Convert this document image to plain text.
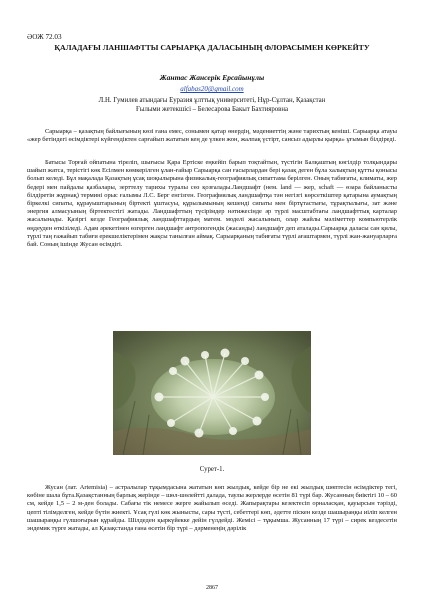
ӘОЖ 72.03
ҚАЛАДАҒЫ ЛАНШАФТТЫ САРЫАРҚА ДАЛАСЫНЫҢ ФЛОРАСЫМЕН КӨРКЕЙТУ
Жантас Жансерік Ерсайынұлы
alfabas20@gmail.com
Л.Н. Гумилев атындағы Еуразия ұлттық университеті, Нұр-Сұлтан, Қазақстан
Ғылыми жетекшісі – Белесарова Бакыт Бахтияровна

Сарыарқа – қазақтың байлығының көзі ғана емес, сонымен қатар өнердің, мәдениеттің және тарихтың кеніші. Сарыарқа атауы «жер бетіндегі өсімдіктері күйгендіктен сарғайып жататын кең де үлкен жон, жалпақ үстірт, сансыз адырлы қырқа» ұғымын білдіреді.

Батысы Торғай ойпатына тіреліп, шығысы Қара Ертіске еңкейіп барып тоқтайтын, түстігін Балқаштың көгілдір толқындары шайып жатса, терістігі көк Есілмен көмкерілген ұлан-ғайыр Сарыарқа сан ғасырлардан бері қазақ деген бұла халықтың құтты қонысы болып келеді. Бұл мақалада Қазақтың ұсақ шоқылырына физикалық-географиялық сипаттама берілген. Оның табиғаты, климаты, жер бедері мен пайдалы қазбалары, зерттелу тарихы туралы сөз қозғалады.Ландшафт (нем. land — жер, schaft — өзара байланысты білдіретін жұрнақ) термині орыс ғалымы Л.С. Берг енгізген. Географиялық ландшафтқа тән негізгі көрсеткіштер қатарына аумақтың біркелкі сипаты, құрауыштарының біртекті ұштасуы, құрылымының кешенді сипаты мен біртұтастығы, тұрақтылығы, зат және энергия алмасуының біртектестігі жатады. Ландшафттың түсірімдер нәтижесінде әр түрлі масштабтағы ландшафттық карталар жасалынады. Қазіргі кезде Географиялық ландшафттардың матем. моделі жасалынып, олар жайлы мәліметтер компьютерлік өңдеуден өткізіледі. Адам әрекетінен өзгерген ландшафт антропогендік (жасанды) ландшафт деп аталады.Сарыарқа даласы сан қилы, түрлі таң ғажайып табиғи ерекшеліктерімен жақсы танылған аймақ. Сарыарқаның табиғаты түрлі ағаштармен, түрлі жан-жануарларға бай. Соның ішінде Жусан өсімдігі.

Сурет-1.

Жусан (лат. Artemisia) – астралылар тұқымдасына жататын көп жылдық, кейде бір не екі жылдық шөптесін өсімдіктер тегі, көбіне шала бұта.Қазақстанның барлық жерінде – шөл-шөлейтті далада, таулы жерлерде өсетін 81 түрі бар. Жусанның биіктігі 10 – 60 см, кейде 1,5 – 2 м-ден болады. Сабағы тік немесе жерге жайылып өседі. Жапырақтары кезектесіп орналасқан, қауырсын тәрізді, цепті тілімделген, кейде бүтін жиекті. Ұсақ гүлі көк жынысты, сары түсті, себеттері көп, әдетте піскен кезде шашыраңқы иіліп келген шашыраңқы гүлшоғырын құрайды. Шілдеден қыркүйекке дейін гүлдейді. Жемісі – тұқымша. Жусанның 17 түрі – сирек кездесетін эндемик түрге жатады, ал Қазақстанда ғана өсетін бір түрі – дәрменеңің дәрілік

2867
